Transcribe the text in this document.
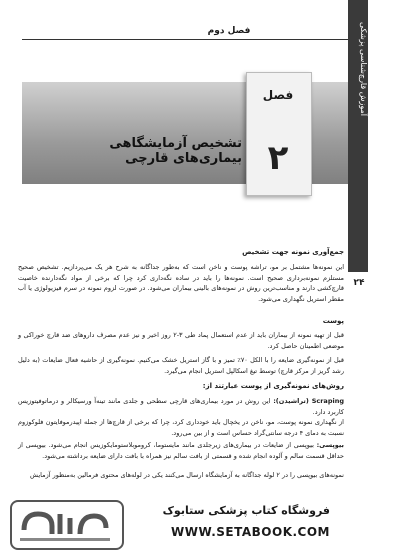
فصل دوم	آموزش قارچ‌شناسی پزشکی
فصل
۲
تشخیص آزمایشگاهی بیماری‌های قارچی
۲۴
جمع‌آوری نمونه جهت تشخیص

این نمونه‌ها مشتمل بر مو، تراشه پوست و ناخن است که به‌طور جداگانه به شرح هر یک می‌پردازیم. تشخیص صحیح مستلزم نمونه‌برداری صحیح است. نمونه‌ها را باید در ساده نگه‌داری کرد چرا که برخی از مواد نگه‌دارنده خاصیت قارچ‌کشی دارند و مناسب‌ترین روش در نمونه‌های بالینی بیماران می‌شود. در صورت لزوم نمونه در سرم فیزیولوژی یا آب مقطر استریل نگهداری می‌شود.

پوست

قبل از تهیه نمونه از بیماران باید از عدم استعمال پماد طی ۳-۲ روز اخیر و نیز عدم مصرف داروهای ضد قارچ خوراکی و موضعی اطمینان حاصل کرد.

قبل از نمونه‌گیری ضایعه را با الکل ۷۰٪ تمیز و با گاز استریل خشک می‌کنیم. نمونه‌گیری از حاشیه فعال ضایعات (به دلیل رشد گریز از مرکز قارچ) توسط تیغ اسکالپل استریل انجام می‌گیرد.

روش‌های نمونه‌گیری از پوست عبارتند از:

Scraping (تراشیدن): این روش در مورد بیماری‌های قارچی سطحی و جلدی مانند تینه‌آ ورسیکالر و درماتوفیتوزیس کاربرد دارد.

از نگهداری نمونه پوست، مو، ناخن در یخچال باید خودداری کرد، چرا که برخی از قارچ‌ها از جمله اپیدرموفایتون فلوکوزوم نسبت به دمای ۴ درجه سانتی‌گراد حساس است و از بین می‌رود.

بیوپسی: بیوپسی از ضایعات در بیماری‌های زیرجلدی مانند مایستوما، کروموبلاستومایکوزیس انجام می‌شود. بیوپسی از حداقل قسمت سالم و آلوده انجام شده و قسمتی از بافت سالم نیز همراه با بافت دارای ضایعه برداشته می‌شود.

نمونه‌های بیوپسی را در ۲ لوله جداگانه به آزمایشگاه ارسال می‌کنند یکی در لوله‌های محتوی فرمالین به‌منظور آزمایش

فروشگاه کتاب پزشکی ستابوک
WWW.SETABOOK.COM
